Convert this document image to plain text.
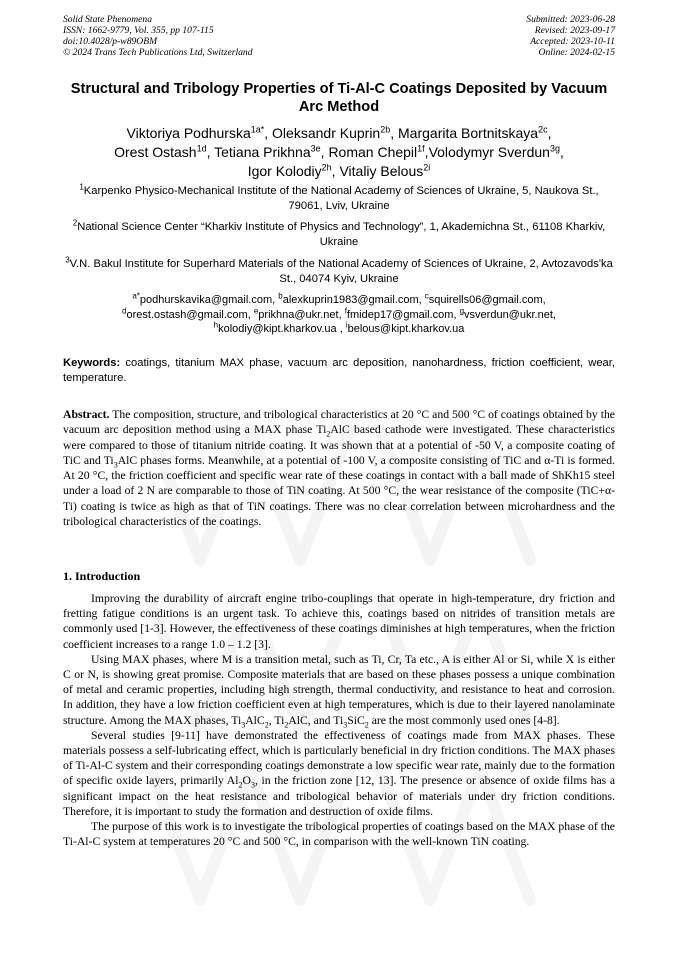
Solid State Phenomena
ISSN: 1662-9779, Vol. 355, pp 107-115
doi:10.4028/p-w89OBM
© 2024 Trans Tech Publications Ltd, Switzerland
Submitted: 2023-06-28
Revised: 2023-09-17
Accepted: 2023-10-11
Online: 2024-02-15
Structural and Tribology Properties of Ti-Al-C Coatings Deposited by Vacuum Arc Method
Viktoriya Podhurska$^{1a*}$, Oleksandr Kuprin$^{2b}$, Margarita Bortnitskaya$^{2c}$,
Orest Ostash$^{1d}$, Tetiana Prikhna$^{3e}$, Roman Chepil$^{1f}$,Volodymyr Sverdun$^{3g}$,
Igor Kolodiy$^{2h}$, Vitaliy Belous$^{2i}$
$^1$Karpenko Physico-Mechanical Institute of the National Academy of Sciences of Ukraine, 5, Naukova St., 79061, Lviv, Ukraine
$^2$National Science Center “Kharkiv Institute of Physics and Technology”, 1, Akademichna St., 61108 Kharkiv, Ukraine
$^3$V.N. Bakul Institute for Superhard Materials of the National Academy of Sciences of Ukraine, 2, Avtozavods'ka St., 04074 Kyiv, Ukraine
$^{a*}$podhurskavika@gmail.com, $^b$alexkuprin1983@gmail.com, $^c$squirells06@gmail.com,
$^d$orest.ostash@gmail.com, $^e$prikhna@ukr.net, $^f$fmidep17@gmail.com, $^g$vsverdun@ukr.net,
$^h$kolodiy@kipt.kharkov.ua , $^i$belous@kipt.kharkov.ua
Keywords: coatings, titanium MAX phase, vacuum arc deposition, nanohardness, friction coefficient, wear, temperature.
Abstract. The composition, structure, and tribological characteristics at 20 °C and 500 °C of coatings obtained by the vacuum arc deposition method using a MAX phase $Ti_2AlC$ based cathode were investigated. These characteristics were compared to those of titanium nitride coating. It was shown that at a potential of -50 V, a composite coating of TiC and $Ti_3AlC$ phases forms. Meanwhile, at a potential of -100 V, a composite consisting of TiC and α-Ti is formed. At 20 °C, the friction coefficient and specific wear rate of these coatings in contact with a ball made of ShKh15 steel under a load of 2 N are comparable to those of TiN coating. At 500 °C, the wear resistance of the composite (TiC+α-Ti) coating is twice as high as that of TiN coatings. There was no clear correlation between microhardness and the tribological characteristics of the coatings.
1. Introduction

Improving the durability of aircraft engine tribo-couplings that operate in high-temperature, dry friction and fretting fatigue conditions is an urgent task. To achieve this, coatings based on nitrides of transition metals are commonly used [1-3]. However, the effectiveness of these coatings diminishes at high temperatures, when the friction coefficient increases to a range 1.0 – 1.2 [3].

Using MAX phases, where M is a transition metal, such as Ti, Cr, Ta etc., A is either Al or Si, while X is either C or N, is showing great promise. Composite materials that are based on these phases possess a unique combination of metal and ceramic properties, including high strength, thermal conductivity, and resistance to heat and corrosion. In addition, they have a low friction coefficient even at high temperatures, which is due to their layered nanolaminate structure. Among the MAX phases, $Ti_3AlC_2$, $Ti_2AlC$, and $Ti_3SiC_2$ are the most commonly used ones [4-8].

Several studies [9-11] have demonstrated the effectiveness of coatings made from MAX phases. These materials possess a self-lubricating effect, which is particularly beneficial in dry friction conditions. The MAX phases of Ti-Al-C system and their corresponding coatings demonstrate a low specific wear rate, mainly due to the formation of specific oxide layers, primarily $Al_2O_3$, in the friction zone [12, 13]. The presence or absence of oxide films has a significant impact on the heat resistance and tribological behavior of materials under dry friction conditions. Therefore, it is important to study the formation and destruction of oxide films.

The purpose of this work is to investigate the tribological properties of coatings based on the MAX phase of the Ti-Al-C system at temperatures 20 °C and 500 °C, in comparison with the well-known TiN coating.
